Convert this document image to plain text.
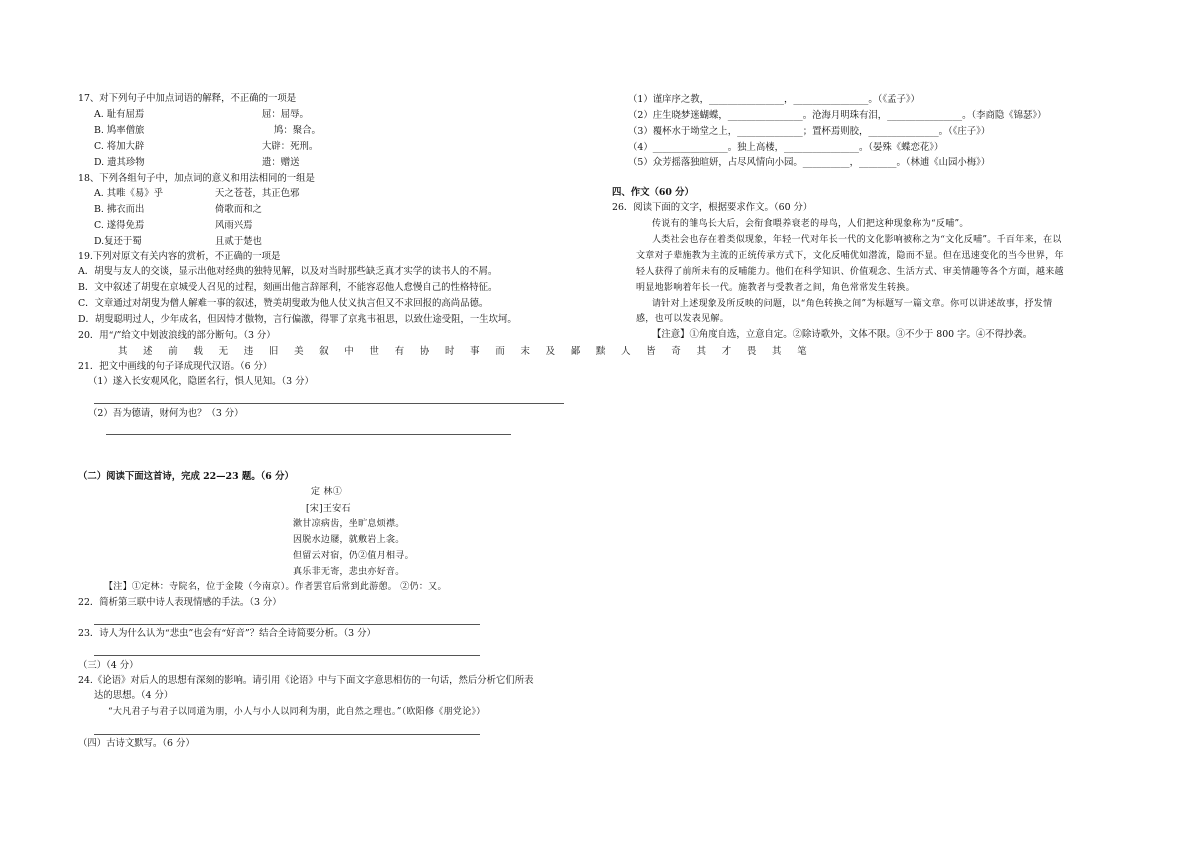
17、对下列句子中加点词语的解释，不正确的一项是
A. 耻有屈焉	屈：屈辱。
B. 鸠率僧旅	鸠：聚合。
C. 将加大辟	大辟：死刑。
D. 遗其珍物	遗：赠送
18、下列各组句子中，加点词的意义和用法相同的一组是
A. 其唯《易》乎	天之苍苍，其正色邪
B. 拂衣而出	倚歌而和之
C. 遂得免焉	风雨兴焉
D.复还于蜀	且贰于楚也
19.下列对原文有关内容的赏析，不正确的一项是
A．胡叟与友人的交谈，显示出他对经典的独特见解，以及对当时那些缺乏真才实学的读书人的不屑。
B．文中叙述了胡叟在京城受人召见的过程，刻画出他言辞犀利，不能容忍他人怠慢自己的性格特征。
C．文章通过对胡叟为僧人解难一事的叙述，赞美胡叟敢为他人仗义执言但又不求回报的高尚品德。
D．胡叟聪明过人，少年成名，但因恃才傲物，言行偏激，得罪了京兆韦祖思，以致仕途受阻，一生坎坷。
20．用“/”给文中划波浪线的部分断句。（3 分）
其 述 前 载 无 违 旧 美 叙 中 世 有 协 时 事 而 末 及 鄙 黩 人 皆 奇 其 才 畏 其 笔
21．把文中画线的句子译成现代汉语。（6 分）
（1）遂入长安观风化，隐匿名行，惧人见知。（3 分）
（2）吾为德请，财何为也？（3 分）
（二）阅读下面这首诗，完成 22—23 题。（6 分）
定 林①
[宋]王安石
漱甘凉病齿，坐旷息烦襟。
因脱水边屦，就敷岩上衾。
但留云对宿，仍②值月相寻。
真乐非无寄，悲虫亦好音。
【注】①定林：寺院名，位于金陵（今南京）。作者罢官后常到此游憩。 ②仍：又。
22．简析第三联中诗人表现情感的手法。（3 分）
23．诗人为什么认为“悲虫”也会有“好音”？结合全诗简要分析。（3 分）
（三）（4 分）
24.《论语》对后人的思想有深刻的影响。请引用《论语》中与下面文字意思相仿的一句话，然后分析它们所表
达的思想。（4 分）
“大凡君子与君子以同道为朋，小人与小人以同利为朋，此自然之理也。”（欧阳修《朋党论》）
（四）古诗文默写。（6 分）
（1）谨庠序之教，________________，________________。（《孟子》）
（2）庄生晓梦迷蝴蝶，________________。沧海月明珠有泪，________________。（李商隐《锦瑟》）
（3）覆杯水于坳堂之上，______________；置杯焉则胶，_______________。（《庄子》）
（4）________________。独上高楼，________________。（晏殊《蝶恋花》）
（5）众芳摇落独暄妍，占尽风情向小园。__________，________。（林逋《山园小梅》）
四、作文（60 分）
26．阅读下面的文字，根据要求作文。（60 分）
传说有的雏鸟长大后，会衔食喂养衰老的母鸟，人们把这种现象称为“反哺”。
人类社会也存在着类似现象，年轻一代对年长一代的文化影响被称之为“文化反哺”。千百年来，在以
文章对子辈施教为主流的正统传承方式下，文化反哺优如潜流，隐而不显。但在迅速变化的当今世界，年
轻人获得了前所未有的反哺能力。他们在科学知识、价值观念、生活方式、审美情趣等各个方面，越来越
明显地影响着年长一代。施教者与受教者之间，角色常常发生转换。
请针对上述现象及所反映的问题，以“角色转换之间”为标题写一篇文章。你可以讲述故事，抒发情
感，也可以发表见解。
【注意】①角度自选，立意自定。②除诗歌外，文体不限。③不少于 800 字。④不得抄袭。
